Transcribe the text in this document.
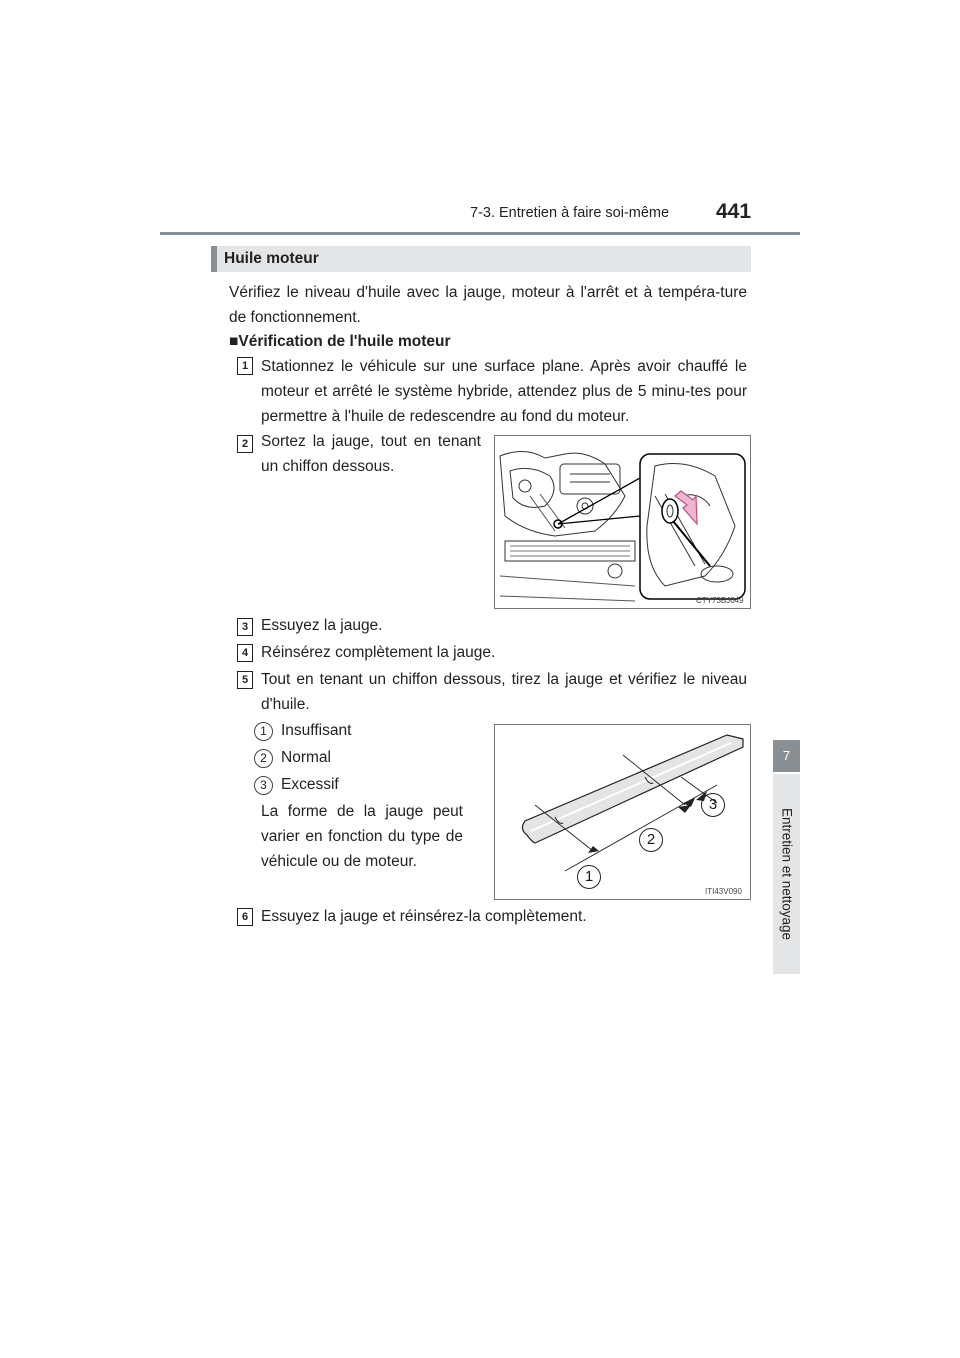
7-3. Entretien à faire soi-même 441
7
Entretien et nettoyage
Huile moteur
Vérifiez le niveau d'huile avec la jauge, moteur à l'arrêt et à tempéra-ture de fonctionnement.
■Vérification de l'huile moteur
1 Stationnez le véhicule sur une surface plane. Après avoir chauffé le moteur et arrêté le système hybride, attendez plus de 5 minu-tes pour permettre à l'huile de redescendre au fond du moteur.
2 Sortez la jauge, tout en tenant un chiffon dessous.
CTY73BJ049
3 Essuyez la jauge.
4 Réinsérez complètement la jauge.
5 Tout en tenant un chiffon dessous, tirez la jauge et vérifiez le niveau d'huile.
1 Insuffisant
2 Normal
3 Excessif
La forme de la jauge peut varier en fonction du type de véhicule ou de moteur.
1
2
3
ITI43V090
6 Essuyez la jauge et réinsérez-la complètement.
